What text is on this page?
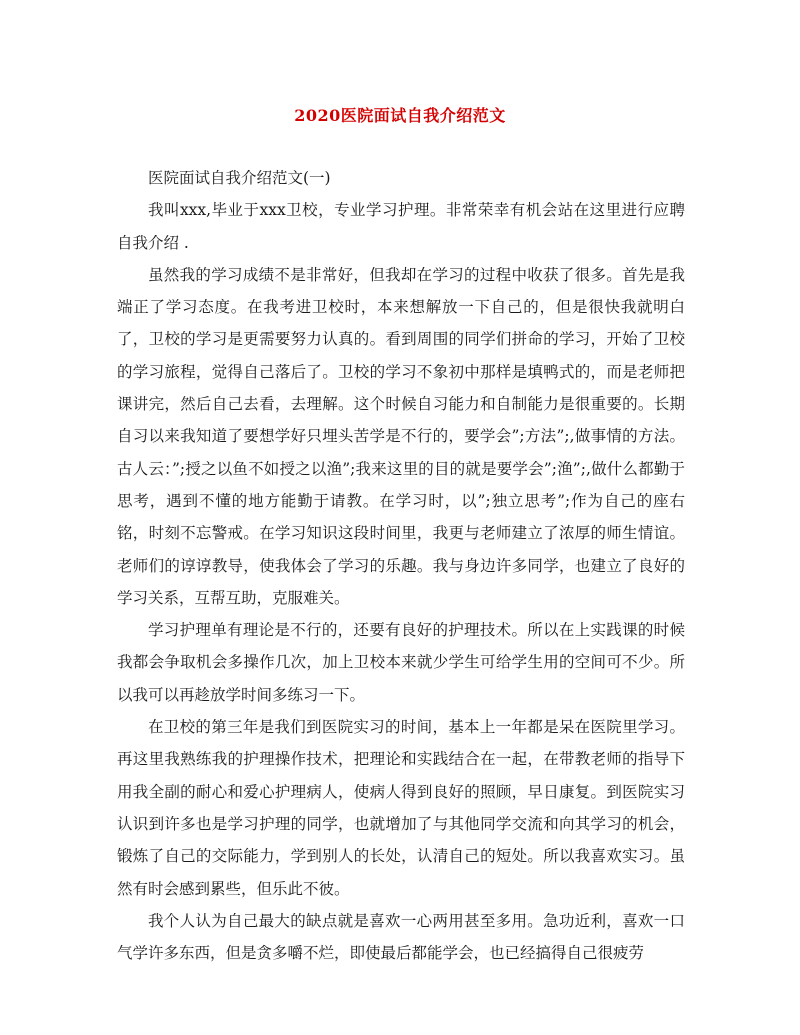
2020医院面试自我介绍范文

医院面试自我介绍范文(一)

我叫xxx,毕业于xxx卫校，专业学习护理。非常荣幸有机会站在这里进行应聘自我介绍 .

虽然我的学习成绩不是非常好，但我却在学习的过程中收获了很多。首先是我端正了学习态度。在我考进卫校时，本来想解放一下自己的，但是很快我就明白了，卫校的学习是更需要努力认真的。看到周围的同学们拼命的学习，开始了卫校的学习旅程，觉得自己落后了。卫校的学习不象初中那样是填鸭式的，而是老师把课讲完，然后自己去看，去理解。这个时候自习能力和自制能力是很重要的。长期自习以来我知道了要想学好只埋头苦学是不行的，要学会”;方法”;,做事情的方法。古人云：”;授之以鱼不如授之以渔”;我来这里的目的就是要学会”;渔”;,做什么都勤于思考，遇到不懂的地方能勤于请教。在学习时，以”;独立思考”;作为自己的座右铭，时刻不忘警戒。在学习知识这段时间里，我更与老师建立了浓厚的师生情谊。老师们的谆谆教导，使我体会了学习的乐趣。我与身边许多同学，也建立了良好的学习关系，互帮互助，克服难关。

学习护理单有理论是不行的，还要有良好的护理技术。所以在上实践课的时候我都会争取机会多操作几次，加上卫校本来就少学生可给学生用的空间可不少。所以我可以再趁放学时间多练习一下。

在卫校的第三年是我们到医院实习的时间，基本上一年都是呆在医院里学习。再这里我熟练我的护理操作技术，把理论和实践结合在一起，在带教老师的指导下用我全副的耐心和爱心护理病人，使病人得到良好的照顾，早日康复。到医院实习认识到许多也是学习护理的同学，也就增加了与其他同学交流和向其学习的机会，锻炼了自己的交际能力，学到别人的长处，认清自己的短处。所以我喜欢实习。虽然有时会感到累些，但乐此不彼。

我个人认为自己最大的缺点就是喜欢一心两用甚至多用。急功近利，喜欢一口气学许多东西，但是贪多嚼不烂，即使最后都能学会，也已经搞得自己很疲劳
